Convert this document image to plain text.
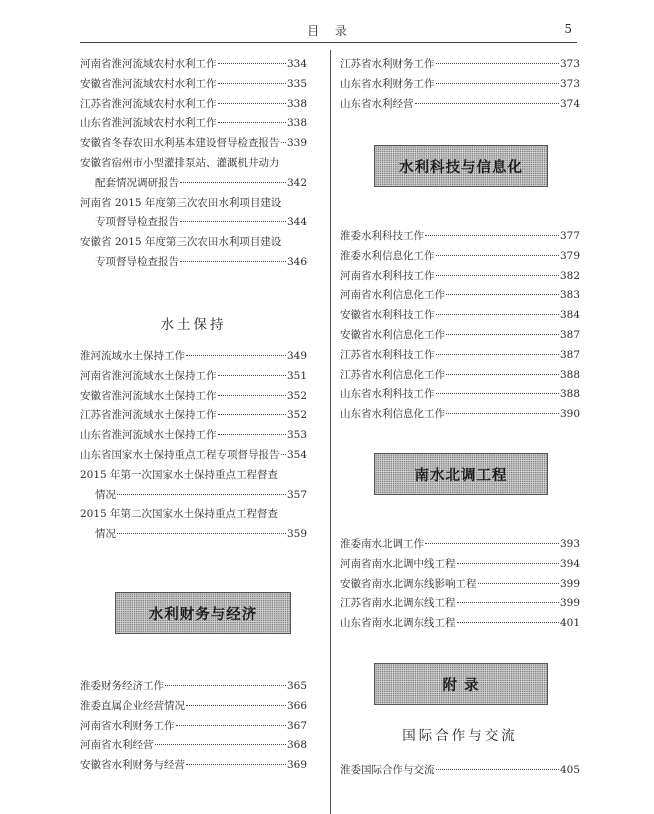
目 录	5
水土保持
水利财务与经济
水利科技与信息化
南水北调工程
附 录
国际合作与交流
河南省淮河流域农村水利工作	334
安徽省淮河流域农村水利工作	335
江苏省淮河流域农村水利工作	338
山东省淮河流域农村水利工作	338
安徽省冬春农田水利基本建设督导检查报告 339
安徽省宿州市小型灌排泵站、灌溉机井动力
配套情况调研报告	342
河南省 2015 年度第三次农田水利项目建设
专项督导检查报告	344
安徽省 2015 年度第三次农田水利项目建设
专项督导检查报告	346
淮河流域水土保持工作	349
河南省淮河流域水土保持工作	351
安徽省淮河流域水土保持工作	352
江苏省淮河流域水土保持工作	352
山东省淮河流域水土保持工作	353
山东省国家水土保持重点工程专项督导报告 354
2015 年第一次国家水土保持重点工程督查
情况	357
2015 年第二次国家水土保持重点工程督查
情况	359
淮委财务经济工作	365
淮委直属企业经营情况	366
河南省水利财务工作	367
河南省水利经营	368
安徽省水利财务与经营	369
江苏省水利财务工作	373
山东省水利财务工作	373
山东省水利经营	374
淮委水利科技工作	377
淮委水利信息化工作	379
河南省水利科技工作	382
河南省水利信息化工作	383
安徽省水利科技工作	384
安徽省水利信息化工作	387
江苏省水利科技工作	387
江苏省水利信息化工作	388
山东省水利科技工作	388
山东省水利信息化工作	390
淮委南水北调工作	393
河南省南水北调中线工程	394
安徽省南水北调东线影响工程	399
江苏省南水北调东线工程	399
山东省南水北调东线工程	401
淮委国际合作与交流	405
